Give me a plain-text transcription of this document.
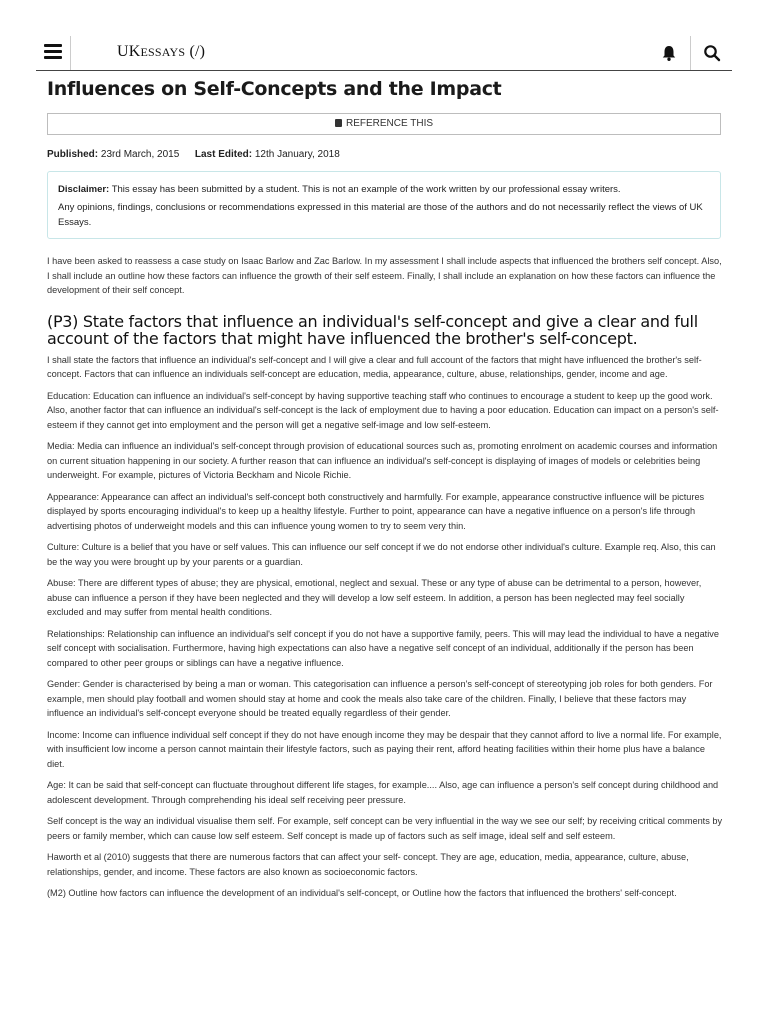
UKESSAYS (/)
Influences on Self-Concepts and the Impact
REFERENCE THIS
Published: 23rd March, 2015 Last Edited: 12th January, 2018

Disclaimer: This essay has been submitted by a student. This is not an example of the work written by our professional essay writers.

Any opinions, findings, conclusions or recommendations expressed in this material are those of the authors and do not necessarily reflect the views of UK Essays.

I have been asked to reassess a case study on Isaac Barlow and Zac Barlow. In my assessment I shall include aspects that influenced the brothers self concept. Also, I shall include an outline how these factors can influence the growth of their self esteem. Finally, I shall include an explanation on how these factors can influence the development of their self concept.

(P3) State factors that influence an individual's self-concept and give a clear and full account of the factors that might have influenced the brother's self-concept.

I shall state the factors that influence an individual's self-concept and I will give a clear and full account of the factors that might have influenced the brother's self-concept. Factors that can influence an individuals self-concept are education, media, appearance, culture, abuse, relationships, gender, income and age.

Education: Education can influence an individual's self-concept by having supportive teaching staff who continues to encourage a student to keep up the good work. Also, another factor that can influence an individual's self-concept is the lack of employment due to having a poor education. Education can impact on a person's self-esteem if they cannot get into employment and the person will get a negative self-image and low self-esteem.

Media: Media can influence an individual's self-concept through provision of educational sources such as, promoting enrolment on academic courses and information on current situation happening in our society. A further reason that can influence an individual's self-concept is displaying of images of models or celebrities being underweight. For example, pictures of Victoria Beckham and Nicole Richie.

Appearance: Appearance can affect an individual's self-concept both constructively and harmfully. For example, appearance constructive influence will be pictures displayed by sports encouraging individual's to keep up a healthy lifestyle. Further to point, appearance can have a negative influence on a person's life through advertising photos of underweight models and this can influence young women to try to seem very thin.

Culture: Culture is a belief that you have or self values. This can influence our self concept if we do not endorse other individual's culture. Example req. Also, this can be the way you were brought up by your parents or a guardian.

Abuse: There are different types of abuse; they are physical, emotional, neglect and sexual. These or any type of abuse can be detrimental to a person, however, abuse can influence a person if they have been neglected and they will develop a low self esteem. In addition, a person has been neglected may feel socially excluded and may suffer from mental health conditions.

Relationships: Relationship can influence an individual's self concept if you do not have a supportive family, peers. This will may lead the individual to have a negative self concept with socialisation. Furthermore, having high expectations can also have a negative self concept of an individual, additionally if the person has been compared to other peer groups or siblings can have a negative influence.

Gender: Gender is characterised by being a man or woman. This categorisation can influence a person's self-concept of stereotyping job roles for both genders. For example, men should play football and women should stay at home and cook the meals also take care of the children. Finally, I believe that these factors may influence an individual's self-concept everyone should be treated equally regardless of their gender.

Income: Income can influence individual self concept if they do not have enough income they may be despair that they cannot afford to live a normal life. For example, with insufficient low income a person cannot maintain their lifestyle factors, such as paying their rent, afford heating facilities within their home plus have a balance diet.

Age: It can be said that self-concept can fluctuate throughout different life stages, for example.... Also, age can influence a person's self concept during childhood and adolescent development. Through comprehending his ideal self receiving peer pressure.

Self concept is the way an individual visualise them self. For example, self concept can be very influential in the way we see our self; by receiving critical comments by peers or family member, which can cause low self esteem. Self concept is made up of factors such as self image, ideal self and self esteem.

Haworth et al (2010) suggests that there are numerous factors that can affect your self- concept. They are age, education, media, appearance, culture, abuse, relationships, gender, and income. These factors are also known as socioeconomic factors.

(M2) Outline how factors can influence the development of an individual's self-concept, or Outline how the factors that influenced the brothers' self-concept.
